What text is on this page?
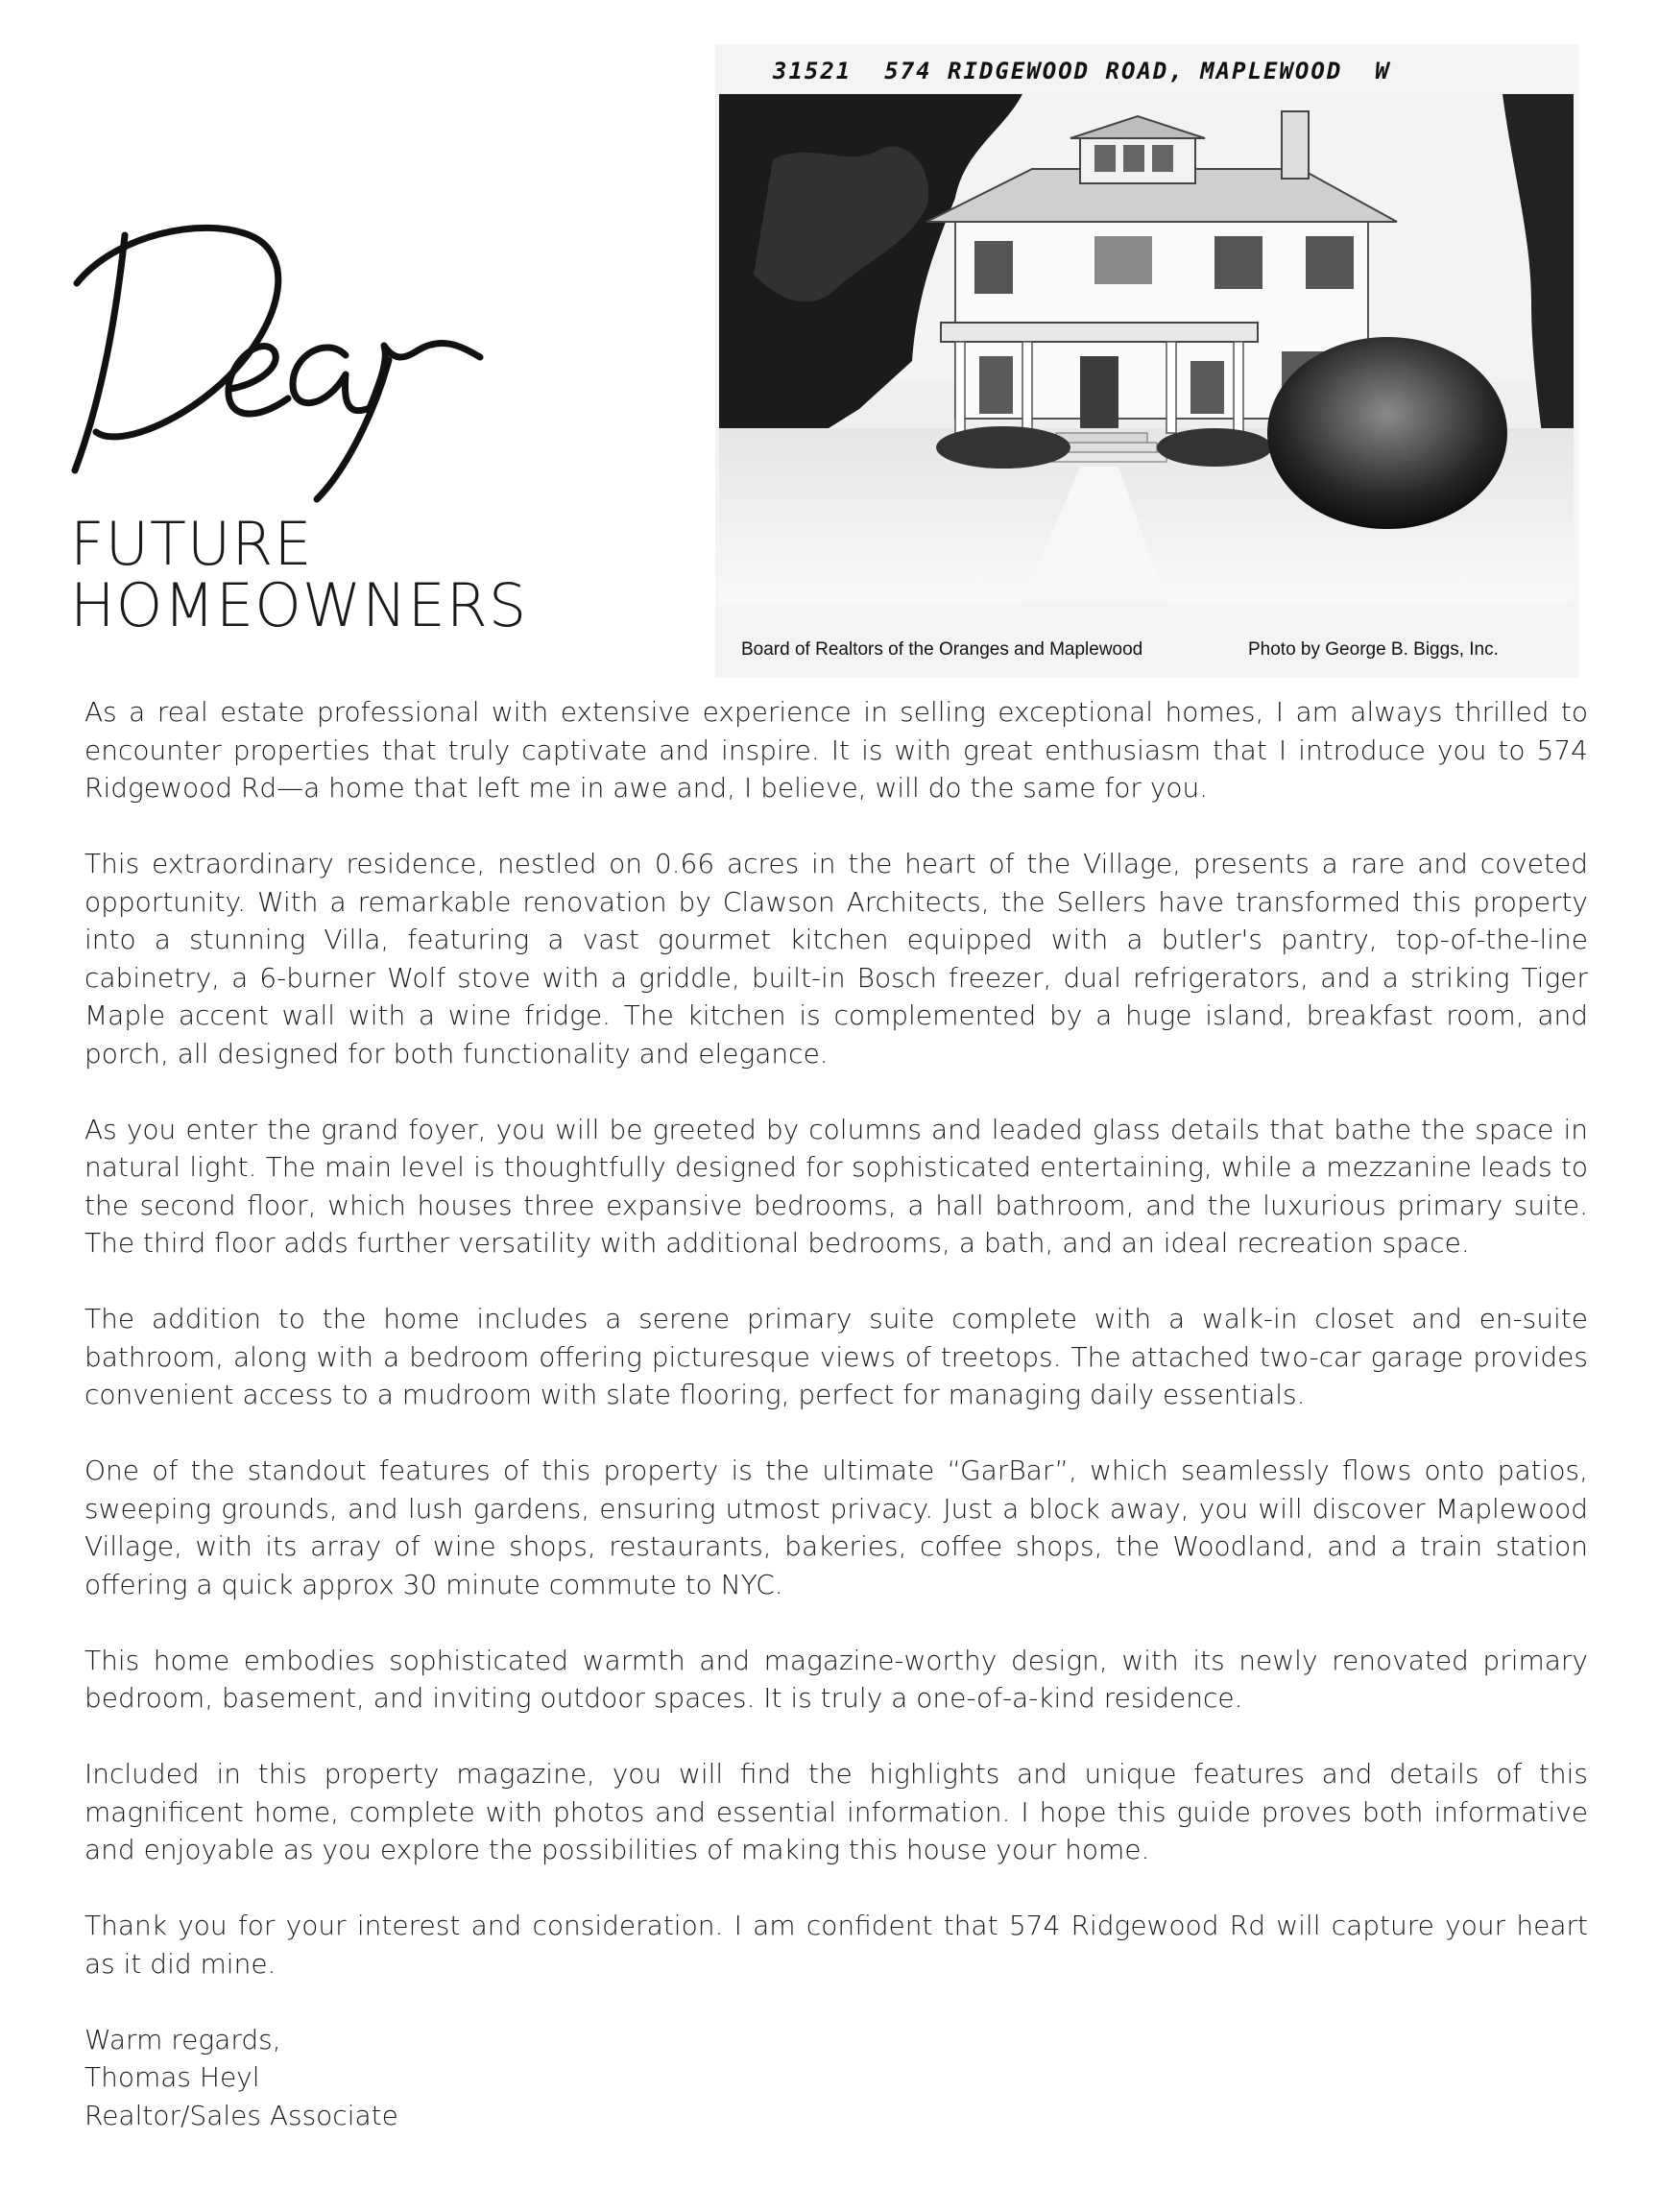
FUTURE
HOMEOWNERS
31521 574 RIDGEWOOD ROAD, MAPLEWOOD W
Board of Realtors of the Oranges and Maplewood	Photo by George B. Biggs, Inc.

As a real estate professional with extensive experience in selling exceptional homes, I am always thrilled to encounter properties that truly captivate and inspire. It is with great enthusiasm that I introduce you to 574 Ridgewood Rd—a home that left me in awe and, I believe, will do the same for you.

This extraordinary residence, nestled on 0.66 acres in the heart of the Village, presents a rare and coveted opportunity. With a remarkable renovation by Clawson Architects, the Sellers have transformed this property into a stunning Villa, featuring a vast gourmet kitchen equipped with a butler's pantry, top-of-the-line cabinetry, a 6-burner Wolf stove with a griddle, built-in Bosch freezer, dual refrigerators, and a striking Tiger Maple accent wall with a wine fridge. The kitchen is complemented by a huge island, breakfast room, and porch, all designed for both functionality and elegance.

As you enter the grand foyer, you will be greeted by columns and leaded glass details that bathe the space in natural light. The main level is thoughtfully designed for sophisticated entertaining, while a mezzanine leads to the second floor, which houses three expansive bedrooms, a hall bathroom, and the luxurious primary suite. The third floor adds further versatility with additional bedrooms, a bath, and an ideal recreation space.

The addition to the home includes a serene primary suite complete with a walk-in closet and en-suite bathroom, along with a bedroom offering picturesque views of treetops. The attached two-car garage provides convenient access to a mudroom with slate flooring, perfect for managing daily essentials.

One of the standout features of this property is the ultimate “GarBar”, which seamlessly flows onto patios, sweeping grounds, and lush gardens, ensuring utmost privacy. Just a block away, you will discover Maplewood Village, with its array of wine shops, restaurants, bakeries, coffee shops, the Woodland, and a train station offering a quick approx 30 minute commute to NYC.

This home embodies sophisticated warmth and magazine-worthy design, with its newly renovated primary bedroom, basement, and inviting outdoor spaces. It is truly a one-of-a-kind residence.

Included in this property magazine, you will find the highlights and unique features and details of this magnificent home, complete with photos and essential information. I hope this guide proves both informative and enjoyable as you explore the possibilities of making this house your home.

Thank you for your interest and consideration. I am confident that 574 Ridgewood Rd will capture your heart as it did mine.

Warm regards,
Thomas Heyl
Realtor/Sales Associate
